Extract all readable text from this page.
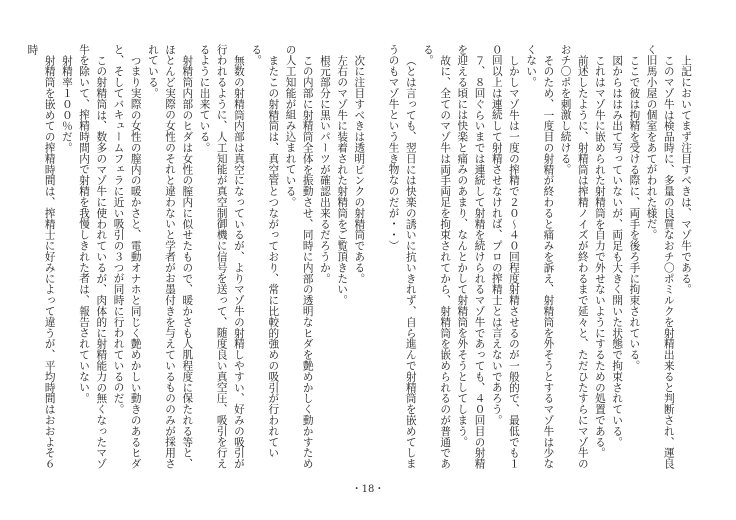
上記においてまず注目すべきは、マゾ牛である。

このマゾ牛は検品時に、多量の良質なおチ〇ポミルクを射精出来ると判断され、運良く旧馬小屋の個室をあてがわれた様だ。

ここで彼は拘精を受ける際に、両手を後ろ手に拘束されている。

図からははみ出て写っていないが、両足も大きく開いた状態で拘束されている。

これはマゾ牛に嵌められた射精筒を自力で外せないようにするための処置である。

前述したように、射精筒は搾精ノイズが終わるまで延々と、ただひたすらにマゾ牛のおチ〇ポを刺激し続ける。

そのため、一度目の射精が終わると痛みを訴え、射精筒を外そうとするマゾ牛は少なくない。

しかしマゾ牛は一度の搾精で２０～４０回程度射精させるのが一般的で、最低でも１０回以上は連続して射精させなければ、プロの搾精士とは言えないであろう。

７、８回ぐらいまでは連続して射精を続けられるマゾ牛であっても、４０回目の射精を迎える頃には快楽と痛みのあまり、なんとかして射精筒を外そうとしてしまう。

故に、全てのマゾ牛は両手両足を拘束されてから、射精筒を嵌められるのが普通である。

（とは言っても、翌日には快楽の誘いに抗いきれず、自ら進んで射精筒を嵌めてしまうのもマゾ牛という生き物なのだが・・）

次に注目すべきは透明ピンクの射精筒である。

左右のマゾ牛に装着された射精筒をご覧頂きたい。

根元部分に黒いパーツが確認出来るだろうか。

この内部に射精筒全体を振動させ、同時に内部の透明なヒダを艶めかしく動かすための人工知能が組み込まれている。

またこの射精筒は、真空管とつながっており、常に比較的強めの吸引が行われている。

無数の射精筒内部は真空になっているが、よりマゾ牛の射精しやすい、好みの吸引が行われるように、人工知能が真空制御機に信号を送って、随度良い真空圧、吸引を行えるように出来ている。

射精筒内部のヒダは女性の膣内に似せたもので、暖かさも人肌程度に保たれる等と、ほとんど実際の女性のそれと違わないと学者がお墨付きを与えているもののみが採用されている。

つまり実際の女性の膣内の暖かさと、電動オナホと同じく艶めかしい動きのあるヒダと、そしてバキュームフェラに近い吸引の３つが同時に行われているのだ。

この射精筒は、数多のマゾ牛に使われているが、肉体的に射精能力の無くなったマゾ牛を除いて、搾精時間内で射精を我慢しきれた者は、報告されていない。

射精率１００％だ。

射精筒を嵌めての搾精時間は、搾精士に好みによって違うが、平均時間はおおよそ６時

・18・
